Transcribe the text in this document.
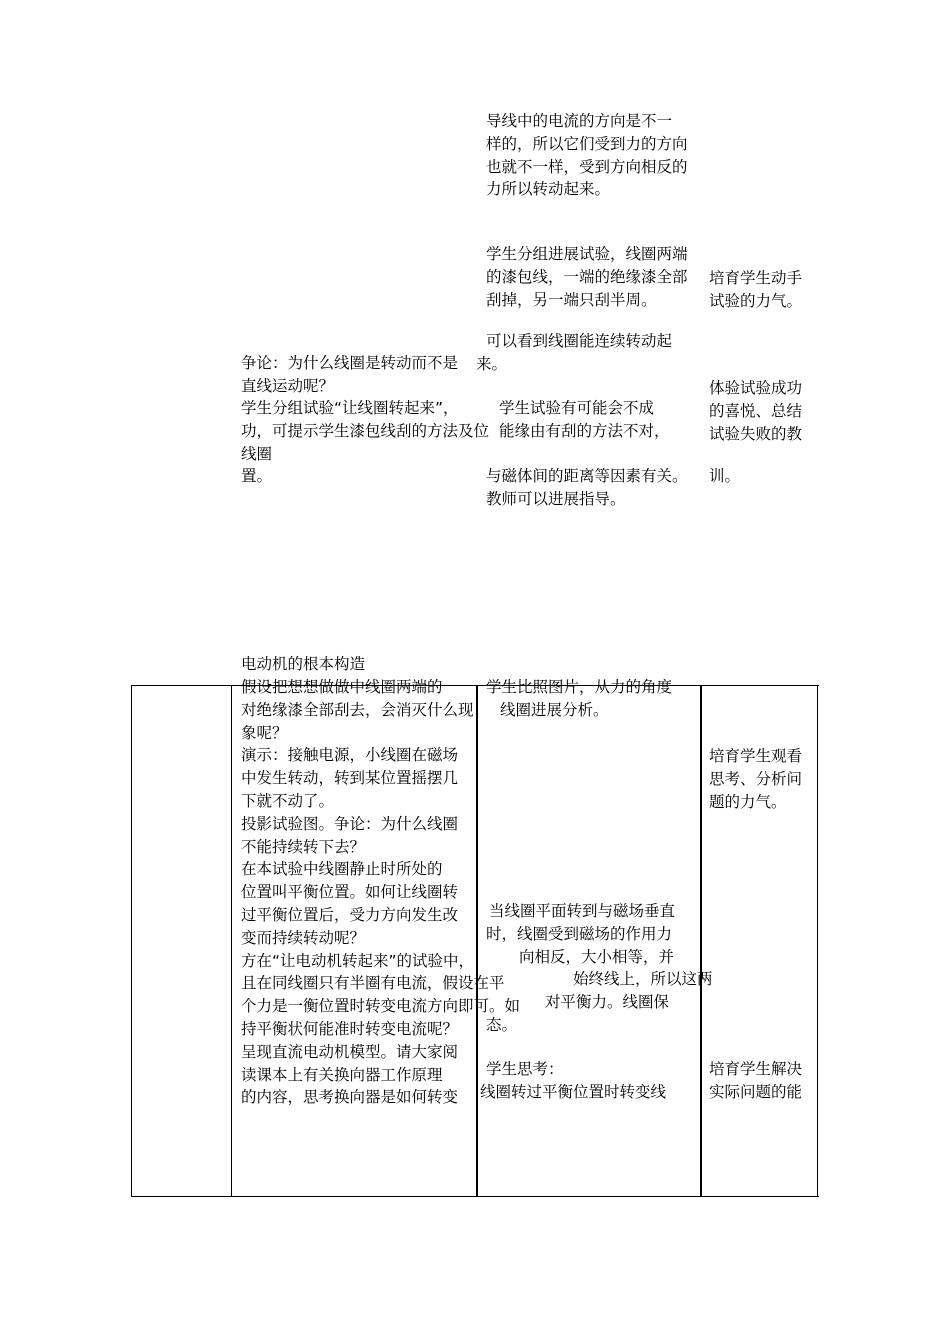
导线中的电流的方向是不一
样的，所以它们受到力的方向
也就不一样，受到方向相反的
力所以转动起来。
学生分组进展试验，线圈两端
的漆包线，一端的绝缘漆全部
刮掉，另一端只刮半周。
培育学生动手
试验的力气。
可以看到线圈能连续转动起
来。
争论：为什么线圈是转动而不是
直线运动呢？	体验试验成功
的喜悦、总结
试验失败的教
学生分组试验“让线圈转起来”，
功，可提示学生漆包线刮的方法及位
线圈
置。
学生试验有可能会不成
能缘由有刮的方法不对，
与磁体间的距离等因素有关。
教师可以进展指导。
训。
电动机的根本构造
假设把想想做做中线圈两端的
对绝缘漆全部刮去，会消灭什么现
象呢？
演示：接触电源，小线圈在磁场
中发生转动，转到某位置摇摆几
下就不动了。
投影试验图。争论：为什么线圈
不能持续转下去？
在本试验中线圈静止时所处的
位置叫平衡位置。如何让线圈转
过平衡位置后，受力方向发生改
变而持续转动呢？
方在“让电动机转起来”的试验中，
且在同线圈只有半圈有电流，假设在平
个力是一衡位置时转变电流方向即可。如
持平衡状何能准时转变电流呢？
呈现直流电动机模型。请大家阅
读课本上有关换向器工作原理
的内容，思考换向器是如何转变
学生比照图片，从力的角度
线圈进展分析。
培育学生观看
思考、分析问
题的力气。
当线圈平面转到与磁场垂直
时，线圈受到磁场的作用力
向相反，大小相等，并
始终线上，所以这两
对平衡力。线圈保
态。
学生思考：
线圈转过平衡位置时转变线
培育学生解决
实际问题的能
